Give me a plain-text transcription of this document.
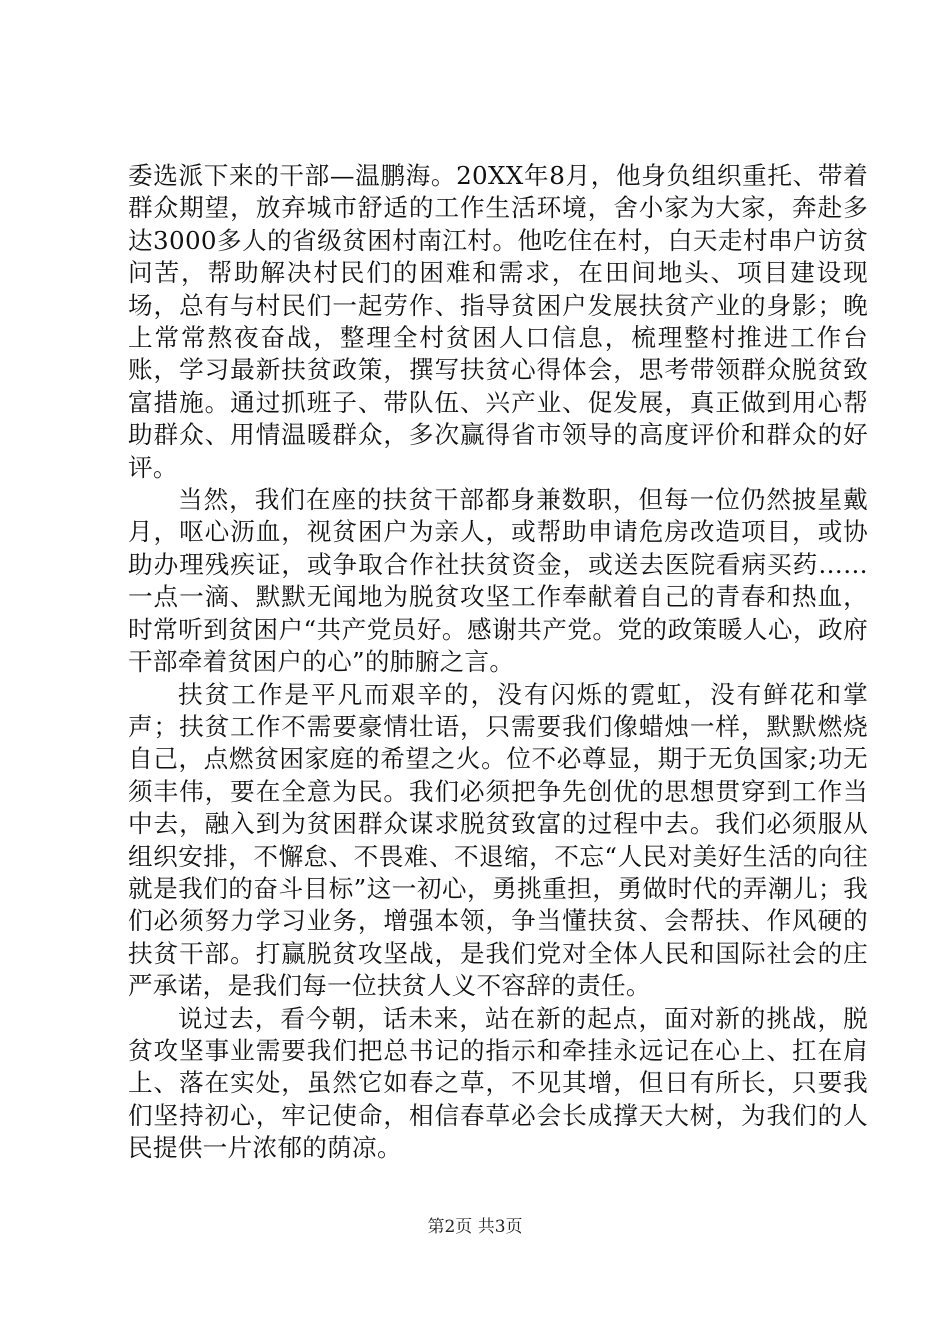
委选派下来的干部—温鹏海。20XX年8月，他身负组织重托、带着群众期望，放弃城市舒适的工作生活环境，舍小家为大家，奔赴多达3000多人的省级贫困村南江村。他吃住在村，白天走村串户访贫问苦，帮助解决村民们的困难和需求，在田间地头、项目建设现场，总有与村民们一起劳作、指导贫困户发展扶贫产业的身影；晚上常常熬夜奋战，整理全村贫困人口信息，梳理整村推进工作台账，学习最新扶贫政策，撰写扶贫心得体会，思考带领群众脱贫致富措施。通过抓班子、带队伍、兴产业、促发展，真正做到用心帮助群众、用情温暖群众，多次赢得省市领导的高度评价和群众的好评。

当然，我们在座的扶贫干部都身兼数职，但每一位仍然披星戴月，呕心沥血，视贫困户为亲人，或帮助申请危房改造项目，或协助办理残疾证，或争取合作社扶贫资金，或送去医院看病买药……一点一滴、默默无闻地为脱贫攻坚工作奉献着自己的青春和热血，时常听到贫困户“共产党员好。感谢共产党。党的政策暖人心，政府干部牵着贫困户的心”的肺腑之言。

扶贫工作是平凡而艰辛的，没有闪烁的霓虹，没有鲜花和掌声；扶贫工作不需要豪情壮语，只需要我们像蜡烛一样，默默燃烧自己，点燃贫困家庭的希望之火。位不必尊显，期于无负国家;功无须丰伟，要在全意为民。我们必须把争先创优的思想贯穿到工作当中去，融入到为贫困群众谋求脱贫致富的过程中去。我们必须服从组织安排，不懈怠、不畏难、不退缩，不忘“人民对美好生活的向往就是我们的奋斗目标”这一初心，勇挑重担，勇做时代的弄潮儿；我们必须努力学习业务，增强本领，争当懂扶贫、会帮扶、作风硬的扶贫干部。打赢脱贫攻坚战，是我们党对全体人民和国际社会的庄严承诺，是我们每一位扶贫人义不容辞的责任。

说过去，看今朝，话未来，站在新的起点，面对新的挑战，脱贫攻坚事业需要我们把总书记的指示和牵挂永远记在心上、扛在肩上、落在实处，虽然它如春之草，不见其增，但日有所长，只要我们坚持初心，牢记使命，相信春草必会长成撑天大树，为我们的人民提供一片浓郁的荫凉。

第2页 共3页
